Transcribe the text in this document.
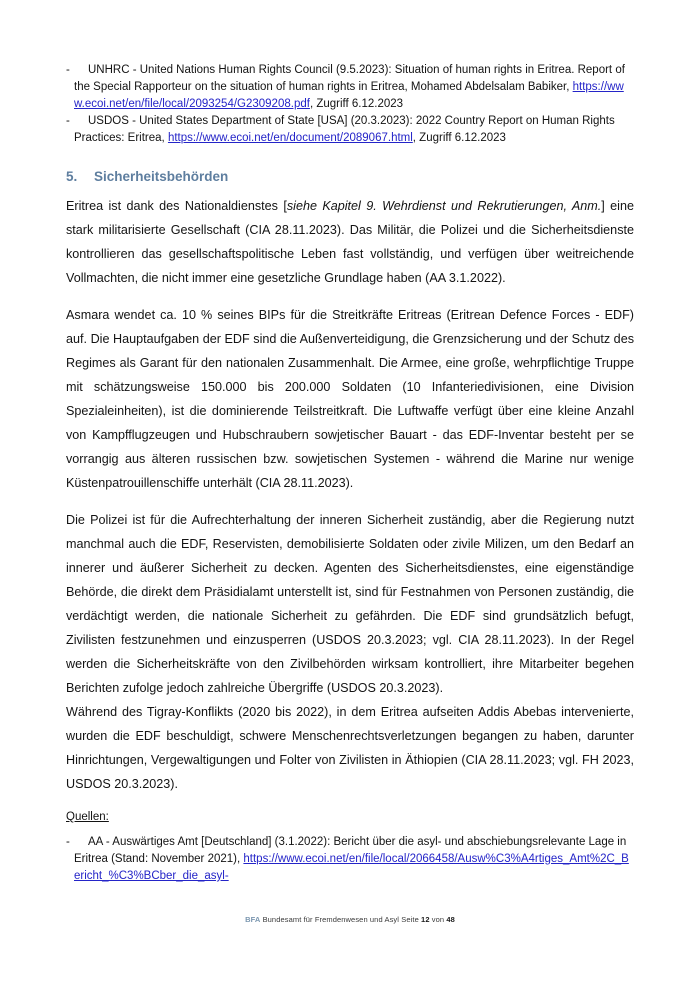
- UNHRC - United Nations Human Rights Council (9.5.2023): Situation of human rights in Eritrea. Report of the Special Rapporteur on the situation of human rights in Eritrea, Mohamed Abdelsalam Babiker, https://www.ecoi.net/en/file/local/2093254/G2309208.pdf, Zugriff 6.12.2023

- USDOS - United States Department of State [USA] (20.3.2023): 2022 Country Report on Human Rights Practices: Eritrea, https://www.ecoi.net/en/document/2089067.html, Zugriff 6.12.2023

5. Sicherheitsbehörden

Eritrea ist dank des Nationaldienstes [siehe Kapitel 9. Wehrdienst und Rekrutierungen, Anm.] eine stark militarisierte Gesellschaft (CIA 28.11.2023). Das Militär, die Polizei und die Sicherheitsdienste kontrollieren das gesellschaftspolitische Leben fast vollständig, und verfügen über weitreichende Vollmachten, die nicht immer eine gesetzliche Grundlage haben (AA 3.1.2022).

Asmara wendet ca. 10 % seines BIPs für die Streitkräfte Eritreas (Eritrean Defence Forces - EDF) auf. Die Hauptaufgaben der EDF sind die Außenverteidigung, die Grenzsicherung und der Schutz des Regimes als Garant für den nationalen Zusammenhalt. Die Armee, eine große, wehrpflichtige Truppe mit schätzungsweise 150.000 bis 200.000 Soldaten (10 Infanteriedivisionen, eine Division Spezialeinheiten), ist die dominierende Teilstreitkraft. Die Luftwaffe verfügt über eine kleine Anzahl von Kampfflugzeugen und Hubschraubern sowjetischer Bauart - das EDF-Inventar besteht per se vorrangig aus älteren russischen bzw. sowjetischen Systemen - während die Marine nur wenige Küstenpatrouillenschiffe unterhält (CIA 28.11.2023).

Die Polizei ist für die Aufrechterhaltung der inneren Sicherheit zuständig, aber die Regierung nutzt manchmal auch die EDF, Reservisten, demobilisierte Soldaten oder zivile Milizen, um den Bedarf an innerer und äußerer Sicherheit zu decken. Agenten des Sicherheitsdienstes, eine eigenständige Behörde, die direkt dem Präsidialamt unterstellt ist, sind für Festnahmen von Personen zuständig, die verdächtigt werden, die nationale Sicherheit zu gefährden. Die EDF sind grundsätzlich befugt, Zivilisten festzunehmen und einzusperren (USDOS 20.3.2023; vgl. CIA 28.11.2023). In der Regel werden die Sicherheitskräfte von den Zivilbehörden wirksam kontrolliert, ihre Mitarbeiter begehen Berichten zufolge jedoch zahlreiche Übergriffe (USDOS 20.3.2023).

Während des Tigray-Konflikts (2020 bis 2022), in dem Eritrea aufseiten Addis Abebas intervenierte, wurden die EDF beschuldigt, schwere Menschenrechtsverletzungen begangen zu haben, darunter Hinrichtungen, Vergewaltigungen und Folter von Zivilisten in Äthiopien (CIA 28.11.2023; vgl. FH 2023, USDOS 20.3.2023).

Quellen:

- AA - Auswärtiges Amt [Deutschland] (3.1.2022): Bericht über die asyl- und abschiebungsrelevante Lage in Eritrea (Stand: November 2021), https://www.ecoi.net/en/file/local/2066458/Ausw%C3%A4rtiges_Amt%2C_Bericht_%C3%BCber_die_asyl-

BFA Bundesamt für Fremdenwesen und Asyl Seite 12 von 48
